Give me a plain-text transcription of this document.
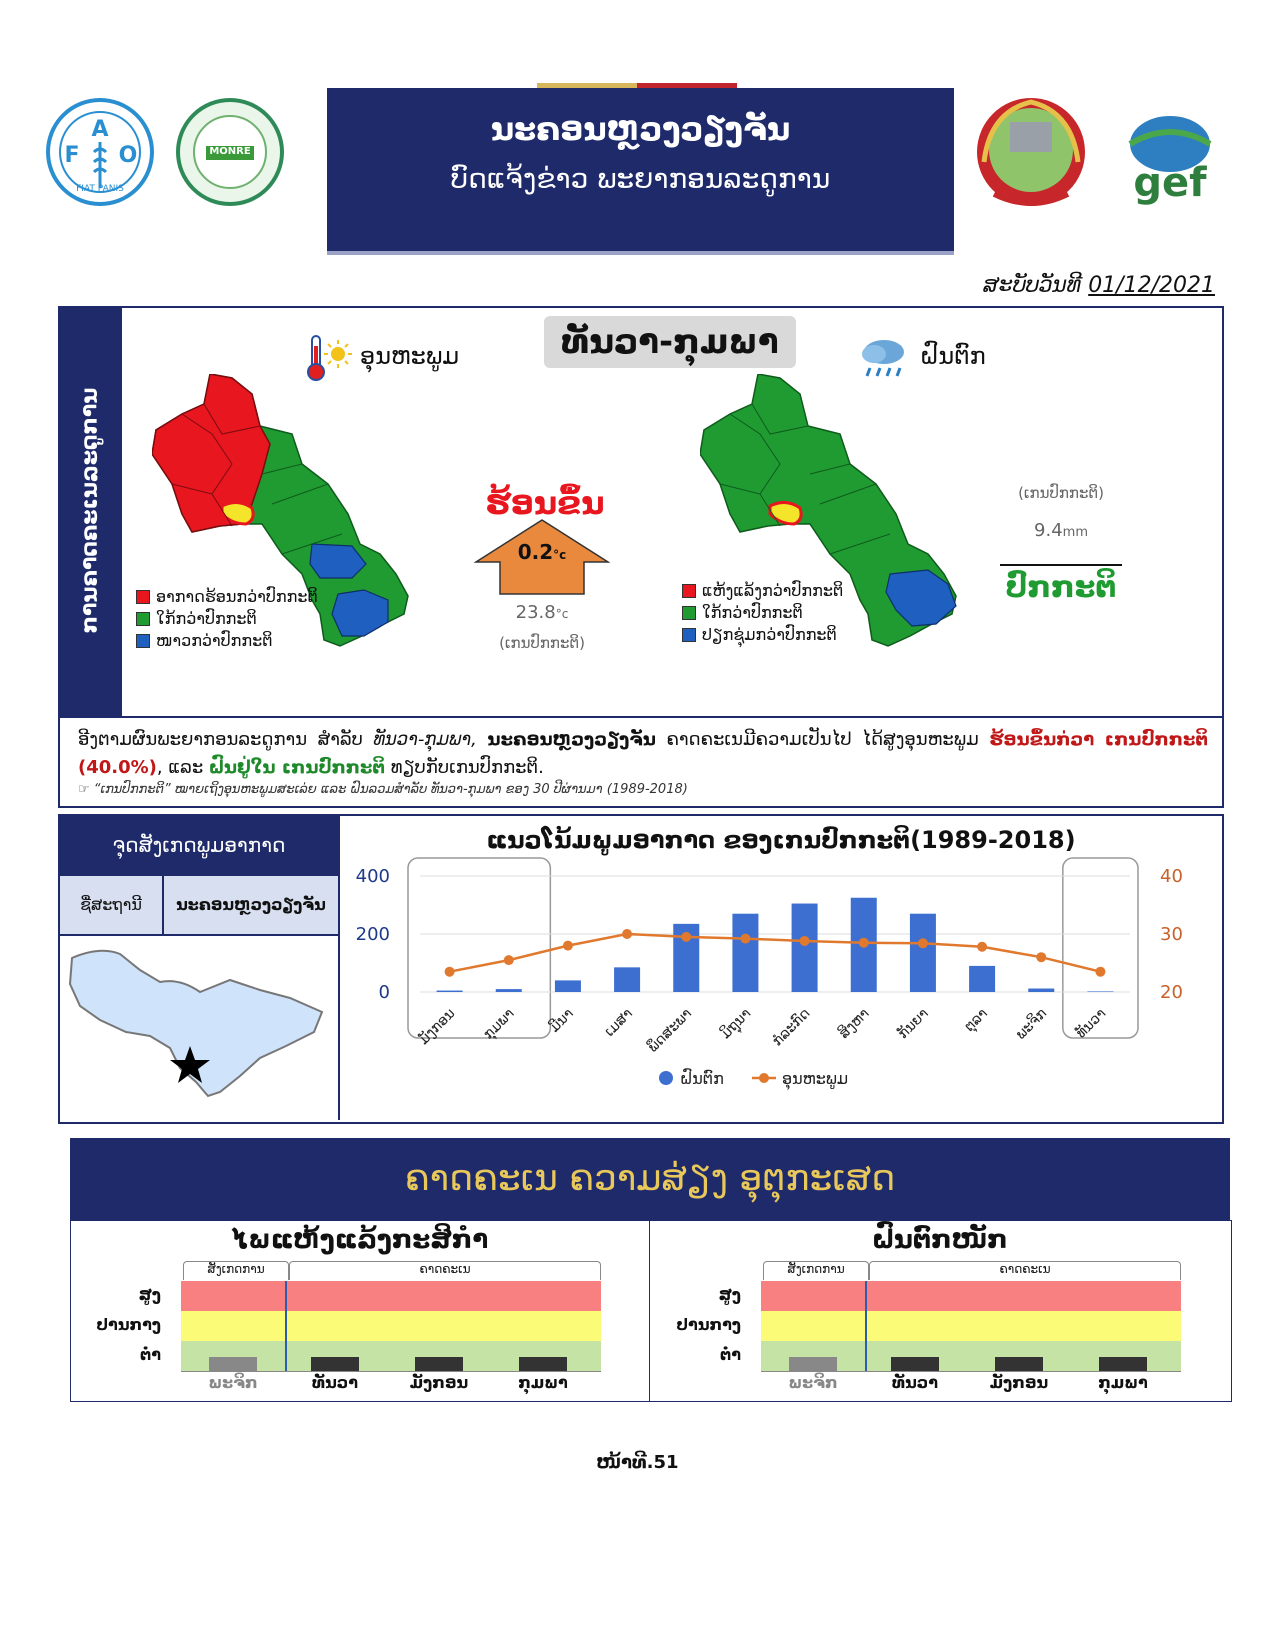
A
F O
FIAT PANIS
MONRE
gef
ນະຄອນຫຼວງວຽງຈັນ
ບົດແຈ້ງຂ່າວ ພະຍາກອນລະດູການ
ສະບັບວັນທີ 01/12/2021
ການຄາດຄະເນລະດູການ
ທັນວາ-ກຸມພາ
ອຸນຫະພູມ	ຝົນຕົກ
ອາກາດຮ້ອນກວ່າປົກກະຕິ
ໃກ້ກວ່າປົກກະຕິ
ໜາວກວ່າປົກກະຕິ
ຮ້ອນຂຶ້ນ
0.2°c
23.8°c
(ເກນປົກກະຕິ)
ແຫ້ງແລ້ງກວ່າປົກກະຕິ
ໃກ້ກວ່າປົກກະຕິ
ປຽກຊຸ່ມກວ່າປົກກະຕິ
(ເກນປົກກະຕິ)
9.4mm
ປົກກະຕິ
ອີງຕາມຜົນພະຍາກອນລະດູການ ສຳລັບ ທັນວາ-ກຸມພາ, ນະຄອນຫຼວງວຽງຈັນ ຄາດຄະເນມີຄວາມເປັນໄປ ໄດ້ສູງອຸນຫະພູມ ຮ້ອນຂຶ້ນກ່ວາ ເກນປົກກະຕິ (40.0%), ແລະ ຝົນຢູ່ໃນ ເກນປົກກະຕິ ທຽບກັບເກນປົກກະຕິ.
☞ “ເກນປົກກະຕິ” ໝາຍເຖິງອຸນຫະພູມສະເລ່ຍ ແລະ ຝົນລວມສຳລັບ ທັນວາ-ກຸມພາ ຂອງ 30 ປີຜ່ານມາ (1989-2018)
ຈຸດສັງເກດພູມອາກາດ
ຊື່ສະຖານີ	ນະຄອນຫຼວງວຽງຈັນ
ແນວໂນ້ມພູມອາກາດ ຂອງເກນປົກກະຕິ(1989-2018)
0
200
400
20
30
40
ມັງກອນ ກຸມພາ ມີນາ ເມສາ ພຶດສະພາ ມິຖຸນາ ກໍລະກົດ ສິງຫາ ກັນຍາ ຕຸລາ ພະຈິກ ທັນວາ
ຝົນຕົກ	ອຸນຫະພູມ
ຄາດຄະເນ ຄວາມສ່ຽງ ອຸຕຸກະເສດ
ໄພແຫ້ງແລ້ງກະສິກຳ
ສັງເກດການ	ຄາດຄະເນ
ສູງ
ປານກາງ
ຕ່ຳ
ພະຈິກ	ທັນວາ	ມັງກອນ	ກຸມພາ
ຝົນຕົກໜັກ
ສັງເກດການ	ຄາດຄະເນ
ສູງ
ປານກາງ
ຕ່ຳ
ພະຈິກ	ທັນວາ	ມັງກອນ	ກຸມພາ
ໜ້າທີ.51
